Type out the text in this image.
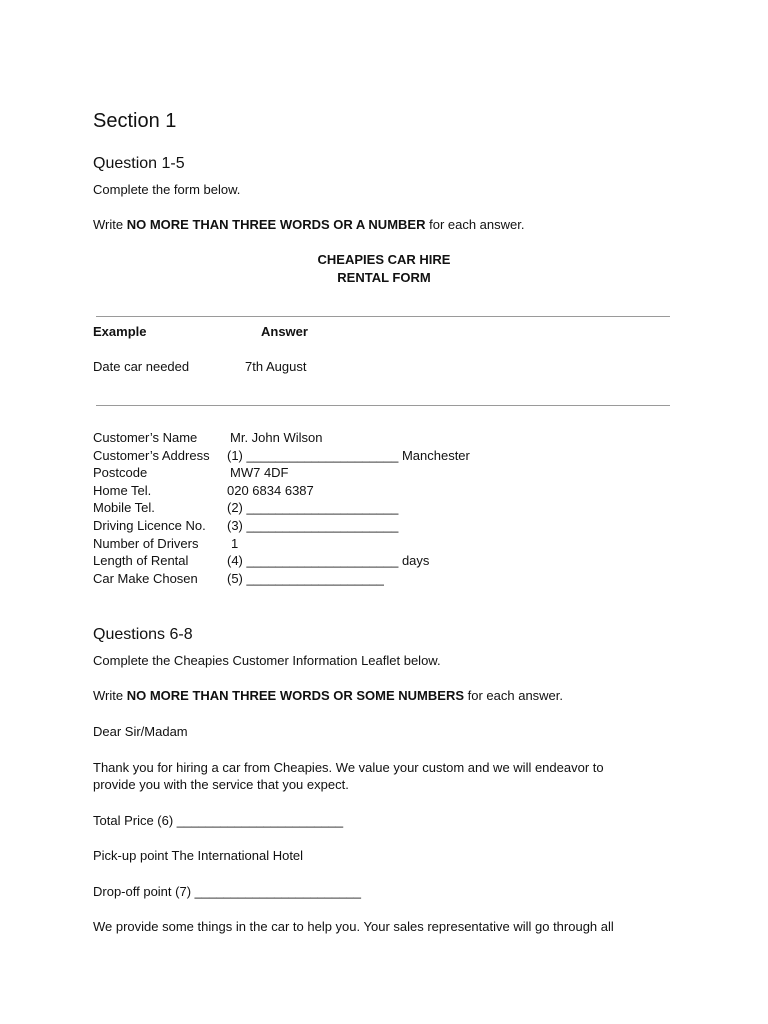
Section 1
Question 1-5
Complete the form below.
Write NO MORE THAN THREE WORDS OR A NUMBER for each answer.
CHEAPIES CAR HIRE
RENTAL FORM
Example	Answer
Date car needed	7th August
Customer’s Name	Mr. John Wilson
Customer’s Address (1) _____________________ Manchester
Postcode	MW7 4DF
Home Tel.	020 6834 6387
Mobile Tel.	(2) _____________________
Driving Licence No. (3) _____________________
Number of Drivers	1
Length of Rental	(4) _____________________ days
Car Make Chosen (5) ___________________
Questions 6-8
Complete the Cheapies Customer Information Leaflet below.
Write NO MORE THAN THREE WORDS OR SOME NUMBERS for each answer.
Dear Sir/Madam
Thank you for hiring a car from Cheapies. We value your custom and we will endeavor to
provide you with the service that you expect.
Total Price (6) _______________________
Pick-up point The International Hotel
Drop-off point (7) _______________________
We provide some things in the car to help you. Your sales representative will go through all
